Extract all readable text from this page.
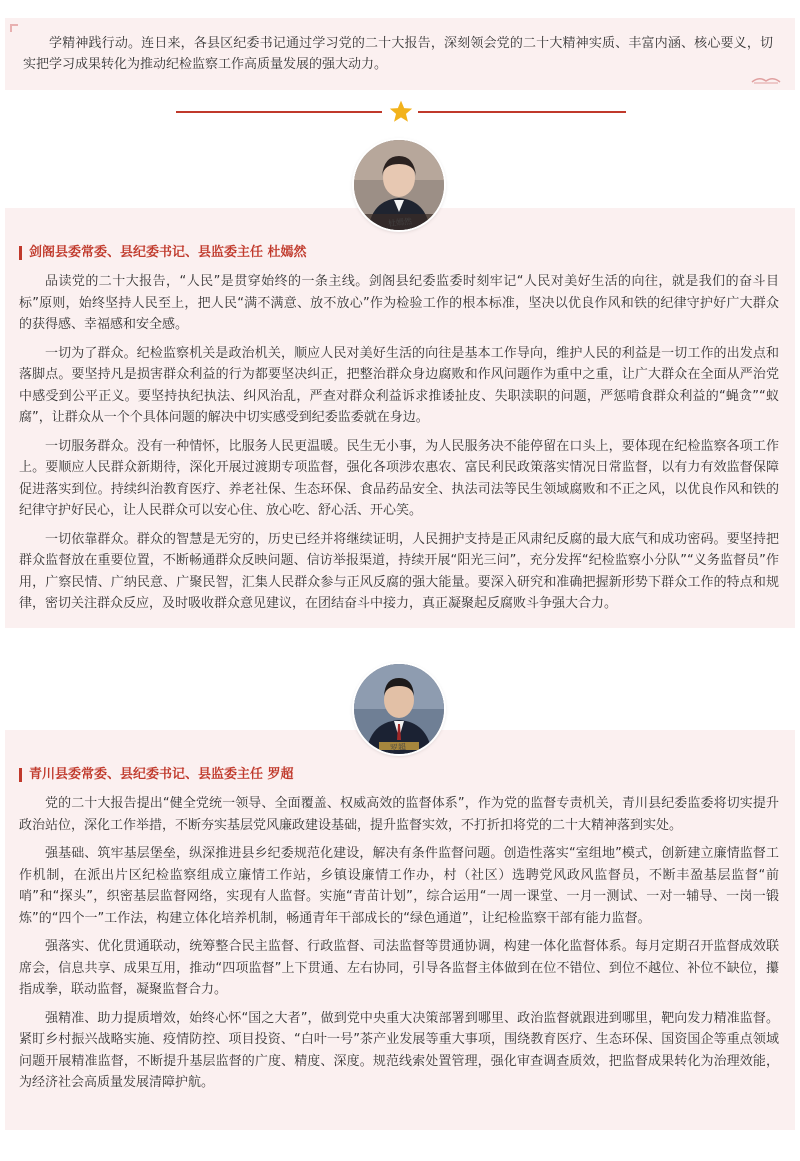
学精神践行动。连日来，各县区纪委书记通过学习党的二十大报告，深刻领会党的二十大精神实质、丰富内涵、核心要义，切实把学习成果转化为推动纪检监察工作高质量发展的强大动力。
剑阁县委常委、县纪委书记、县监委主任 杜嫣然

品读党的二十大报告，“人民”是贯穿始终的一条主线。剑阁县纪委监委时刻牢记“人民对美好生活的向往，就是我们的奋斗目标”原则，始终坚持人民至上，把人民“满不满意、放不放心”作为检验工作的根本标准，坚决以优良作风和铁的纪律守护好广大群众的获得感、幸福感和安全感。

一切为了群众。纪检监察机关是政治机关，顺应人民对美好生活的向往是基本工作导向，维护人民的利益是一切工作的出发点和落脚点。要坚持凡是损害群众利益的行为都要坚决纠正，把整治群众身边腐败和作风问题作为重中之重，让广大群众在全面从严治党中感受到公平正义。要坚持执纪执法、纠风治乱，严查对群众利益诉求推诿扯皮、失职渎职的问题，严惩啃食群众利益的“蝇贪”“蚁腐”，让群众从一个个具体问题的解决中切实感受到纪委监委就在身边。

一切服务群众。没有一种情怀，比服务人民更温暖。民生无小事，为人民服务决不能停留在口头上，要体现在纪检监察各项工作上。要顺应人民群众新期待，深化开展过渡期专项监督，强化各项涉农惠农、富民利民政策落实情况日常监督，以有力有效监督保障促进落实到位。持续纠治教育医疗、养老社保、生态环保、食品药品安全、执法司法等民生领域腐败和不正之风，以优良作风和铁的纪律守护好民心，让人民群众可以安心住、放心吃、舒心活、开心笑。

一切依靠群众。群众的智慧是无穷的，历史已经并将继续证明，人民拥护支持是正风肃纪反腐的最大底气和成功密码。要坚持把群众监督放在重要位置，不断畅通群众反映问题、信访举报渠道，持续开展“阳光三问”，充分发挥“纪检监察小分队”“义务监督员”作用，广察民情、广纳民意、广聚民智，汇集人民群众参与正风反腐的强大能量。要深入研究和准确把握新形势下群众工作的特点和规律，密切关注群众反应，及时吸收群众意见建议，在团结奋斗中接力，真正凝聚起反腐败斗争强大合力。

杜嫣然
青川县委常委、县纪委书记、县监委主任 罗超

党的二十大报告提出“健全党统一领导、全面覆盖、权威高效的监督体系”，作为党的监督专责机关，青川县纪委监委将切实提升政治站位，深化工作举措，不断夯实基层党风廉政建设基础，提升监督实效，不打折扣将党的二十大精神落到实处。

强基础、筑牢基层堡垒，纵深推进县乡纪委规范化建设，解决有条件监督问题。创造性落实“室组地”模式，创新建立廉情监督工作机制，在派出片区纪检监察组成立廉情工作站，乡镇设廉情工作办，村（社区）选聘党风政风监督员，不断丰盈基层监督“前哨”和“探头”，织密基层监督网络，实现有人监督。实施“青苗计划”，综合运用“一周一课堂、一月一测试、一对一辅导、一岗一锻炼”的“四个一”工作法，构建立体化培养机制，畅通青年干部成长的“绿色通道”，让纪检监察干部有能力监督。

强落实、优化贯通联动，统筹整合民主监督、行政监督、司法监督等贯通协调，构建一体化监督体系。每月定期召开监督成效联席会，信息共享、成果互用，推动“四项监督”上下贯通、左右协同，引导各监督主体做到在位不错位、到位不越位、补位不缺位，攥指成拳，联动监督，凝聚监督合力。

强精准、助力提质增效，始终心怀“国之大者”，做到党中央重大决策部署到哪里、政治监督就跟进到哪里，靶向发力精准监督。紧盯乡村振兴战略实施、疫情防控、项目投资、“白叶一号”茶产业发展等重大事项，围绕教育医疗、生态环保、国资国企等重点领域问题开展精准监督，不断提升基层监督的广度、精度、深度。规范线索处置管理，强化审查调查质效，把监督成果转化为治理效能，为经济社会高质量发展清障护航。

罗超
